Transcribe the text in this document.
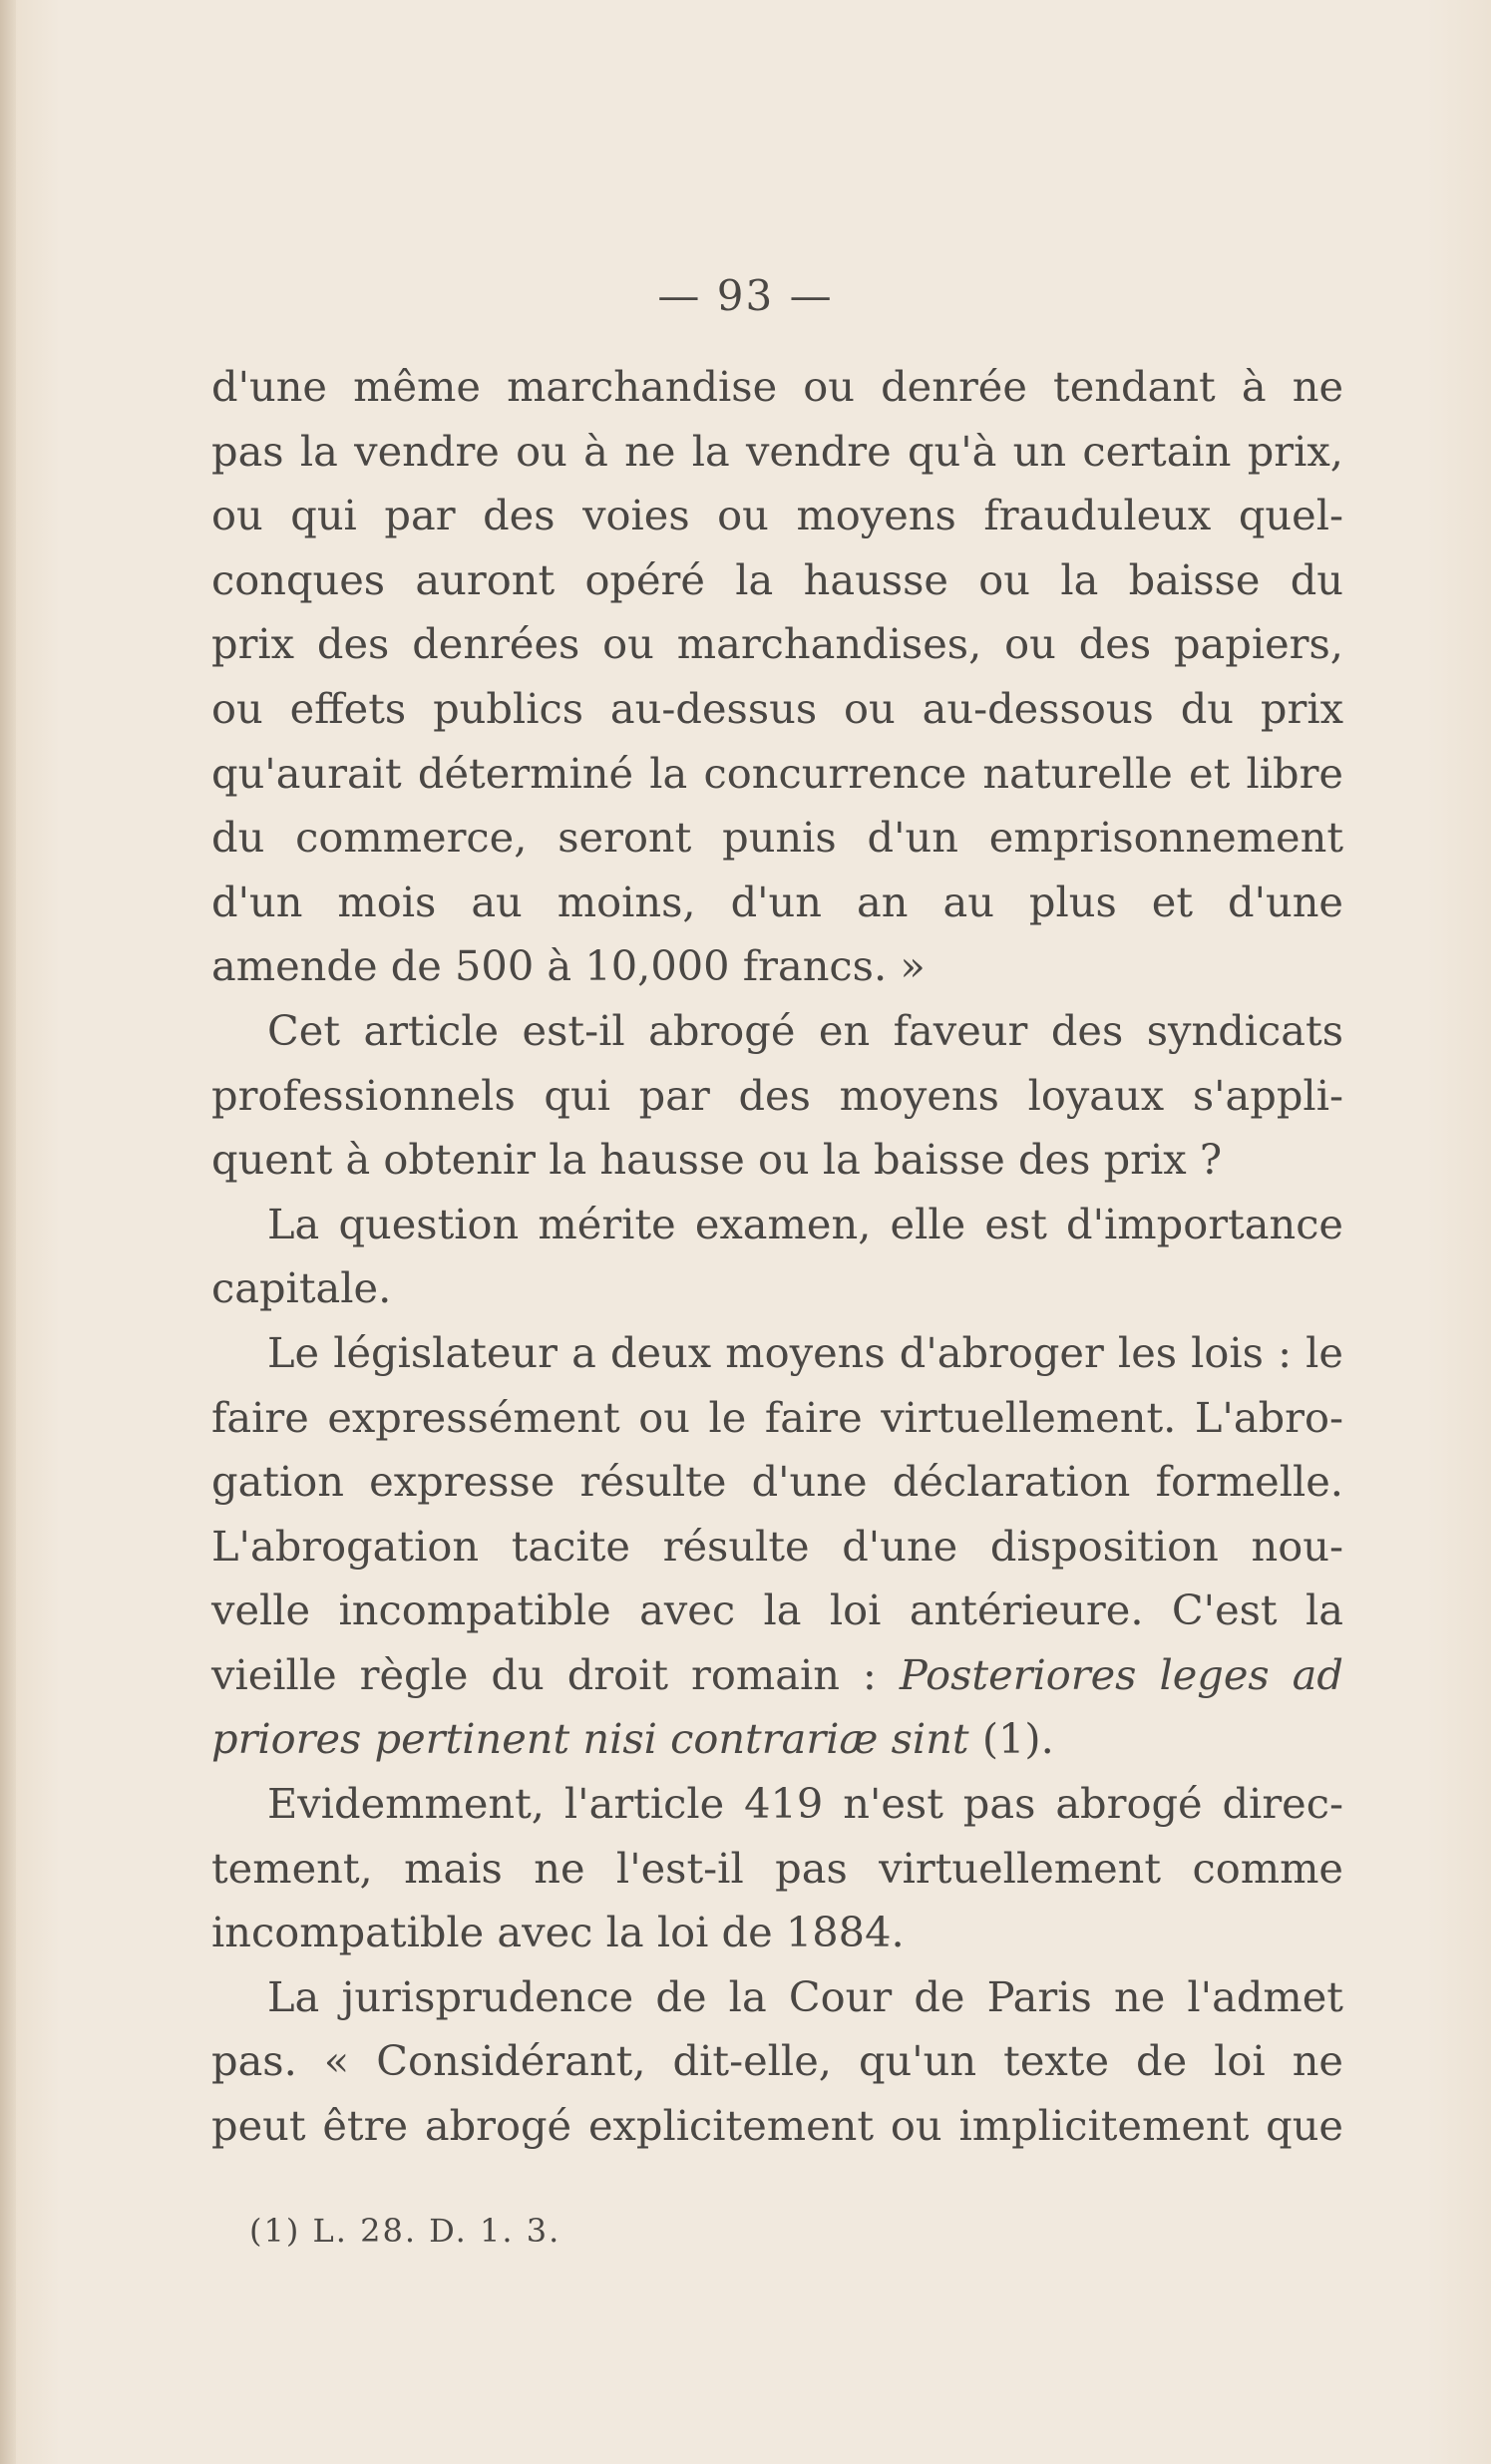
— 93 —
d'une même marchandise ou denrée tendant à ne
pas la vendre ou à ne la vendre qu'à un certain prix,
ou qui par des voies ou moyens frauduleux quel-
conques auront opéré la hausse ou la baisse du
prix des denrées ou marchandises, ou des papiers,
ou effets publics au-dessus ou au-dessous du prix
qu'aurait déterminé la concurrence naturelle et libre
du commerce, seront punis d'un emprisonnement
d'un mois au moins, d'un an au plus et d'une
amende de 500 à 10,000 francs. »
Cet article est-il abrogé en faveur des syndicats
professionnels qui par des moyens loyaux s'appli-
quent à obtenir la hausse ou la baisse des prix ?
La question mérite examen, elle est d'importance
capitale.
Le législateur a deux moyens d'abroger les lois : le
faire expressément ou le faire virtuellement. L'abro-
gation expresse résulte d'une déclaration formelle.
L'abrogation tacite résulte d'une disposition nou-
velle incompatible avec la loi antérieure. C'est la
vieille règle du droit romain : Posteriores leges ad
priores pertinent nisi contrariæ sint (1).
Evidemment, l'article 419 n'est pas abrogé direc-
tement, mais ne l'est-il pas virtuellement comme
incompatible avec la loi de 1884.
La jurisprudence de la Cour de Paris ne l'admet
pas. « Considérant, dit-elle, qu'un texte de loi ne
peut être abrogé explicitement ou implicitement que
(1) L. 28. D. 1. 3.
